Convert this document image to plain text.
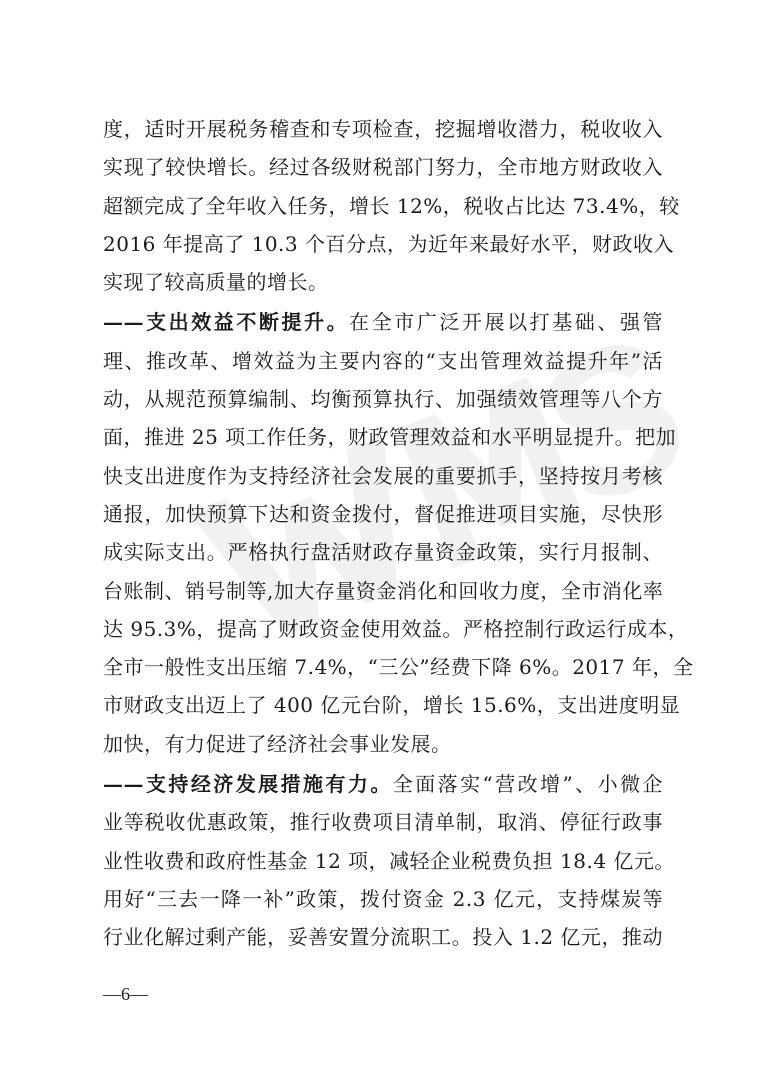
度，适时开展税务稽查和专项检查，挖掘增收潜力，税收收入
实现了较快增长。经过各级财税部门努力，全市地方财政收入
超额完成了全年收入任务，增长 12%，税收占比达 73.4%，较
2016 年提高了 10.3 个百分点，为近年来最好水平，财政收入
实现了较高质量的增长。
——支出效益不断提升。在全市广泛开展以打基础、强管
理、推改革、增效益为主要内容的“支出管理效益提升年”活
动，从规范预算编制、均衡预算执行、加强绩效管理等八个方
面，推进 25 项工作任务，财政管理效益和水平明显提升。把加
快支出进度作为支持经济社会发展的重要抓手，坚持按月考核
通报，加快预算下达和资金拨付，督促推进项目实施，尽快形
成实际支出。严格执行盘活财政存量资金政策，实行月报制、
台账制、销号制等,加大存量资金消化和回收力度，全市消化率
达 95.3%，提高了财政资金使用效益。严格控制行政运行成本，
全市一般性支出压缩 7.4%，“三公”经费下降 6%。2017 年，全
市财政支出迈上了 400 亿元台阶，增长 15.6%，支出进度明显
加快，有力促进了经济社会事业发展。
——支持经济发展措施有力。全面落实“营改增”、小微企
业等税收优惠政策，推行收费项目清单制，取消、停征行政事
业性收费和政府性基金 12 项，减轻企业税费负担 18.4 亿元。
用好“三去一降一补”政策，拨付资金 2.3 亿元，支持煤炭等
行业化解过剩产能，妥善安置分流职工。投入 1.2 亿元，推动
—6—
